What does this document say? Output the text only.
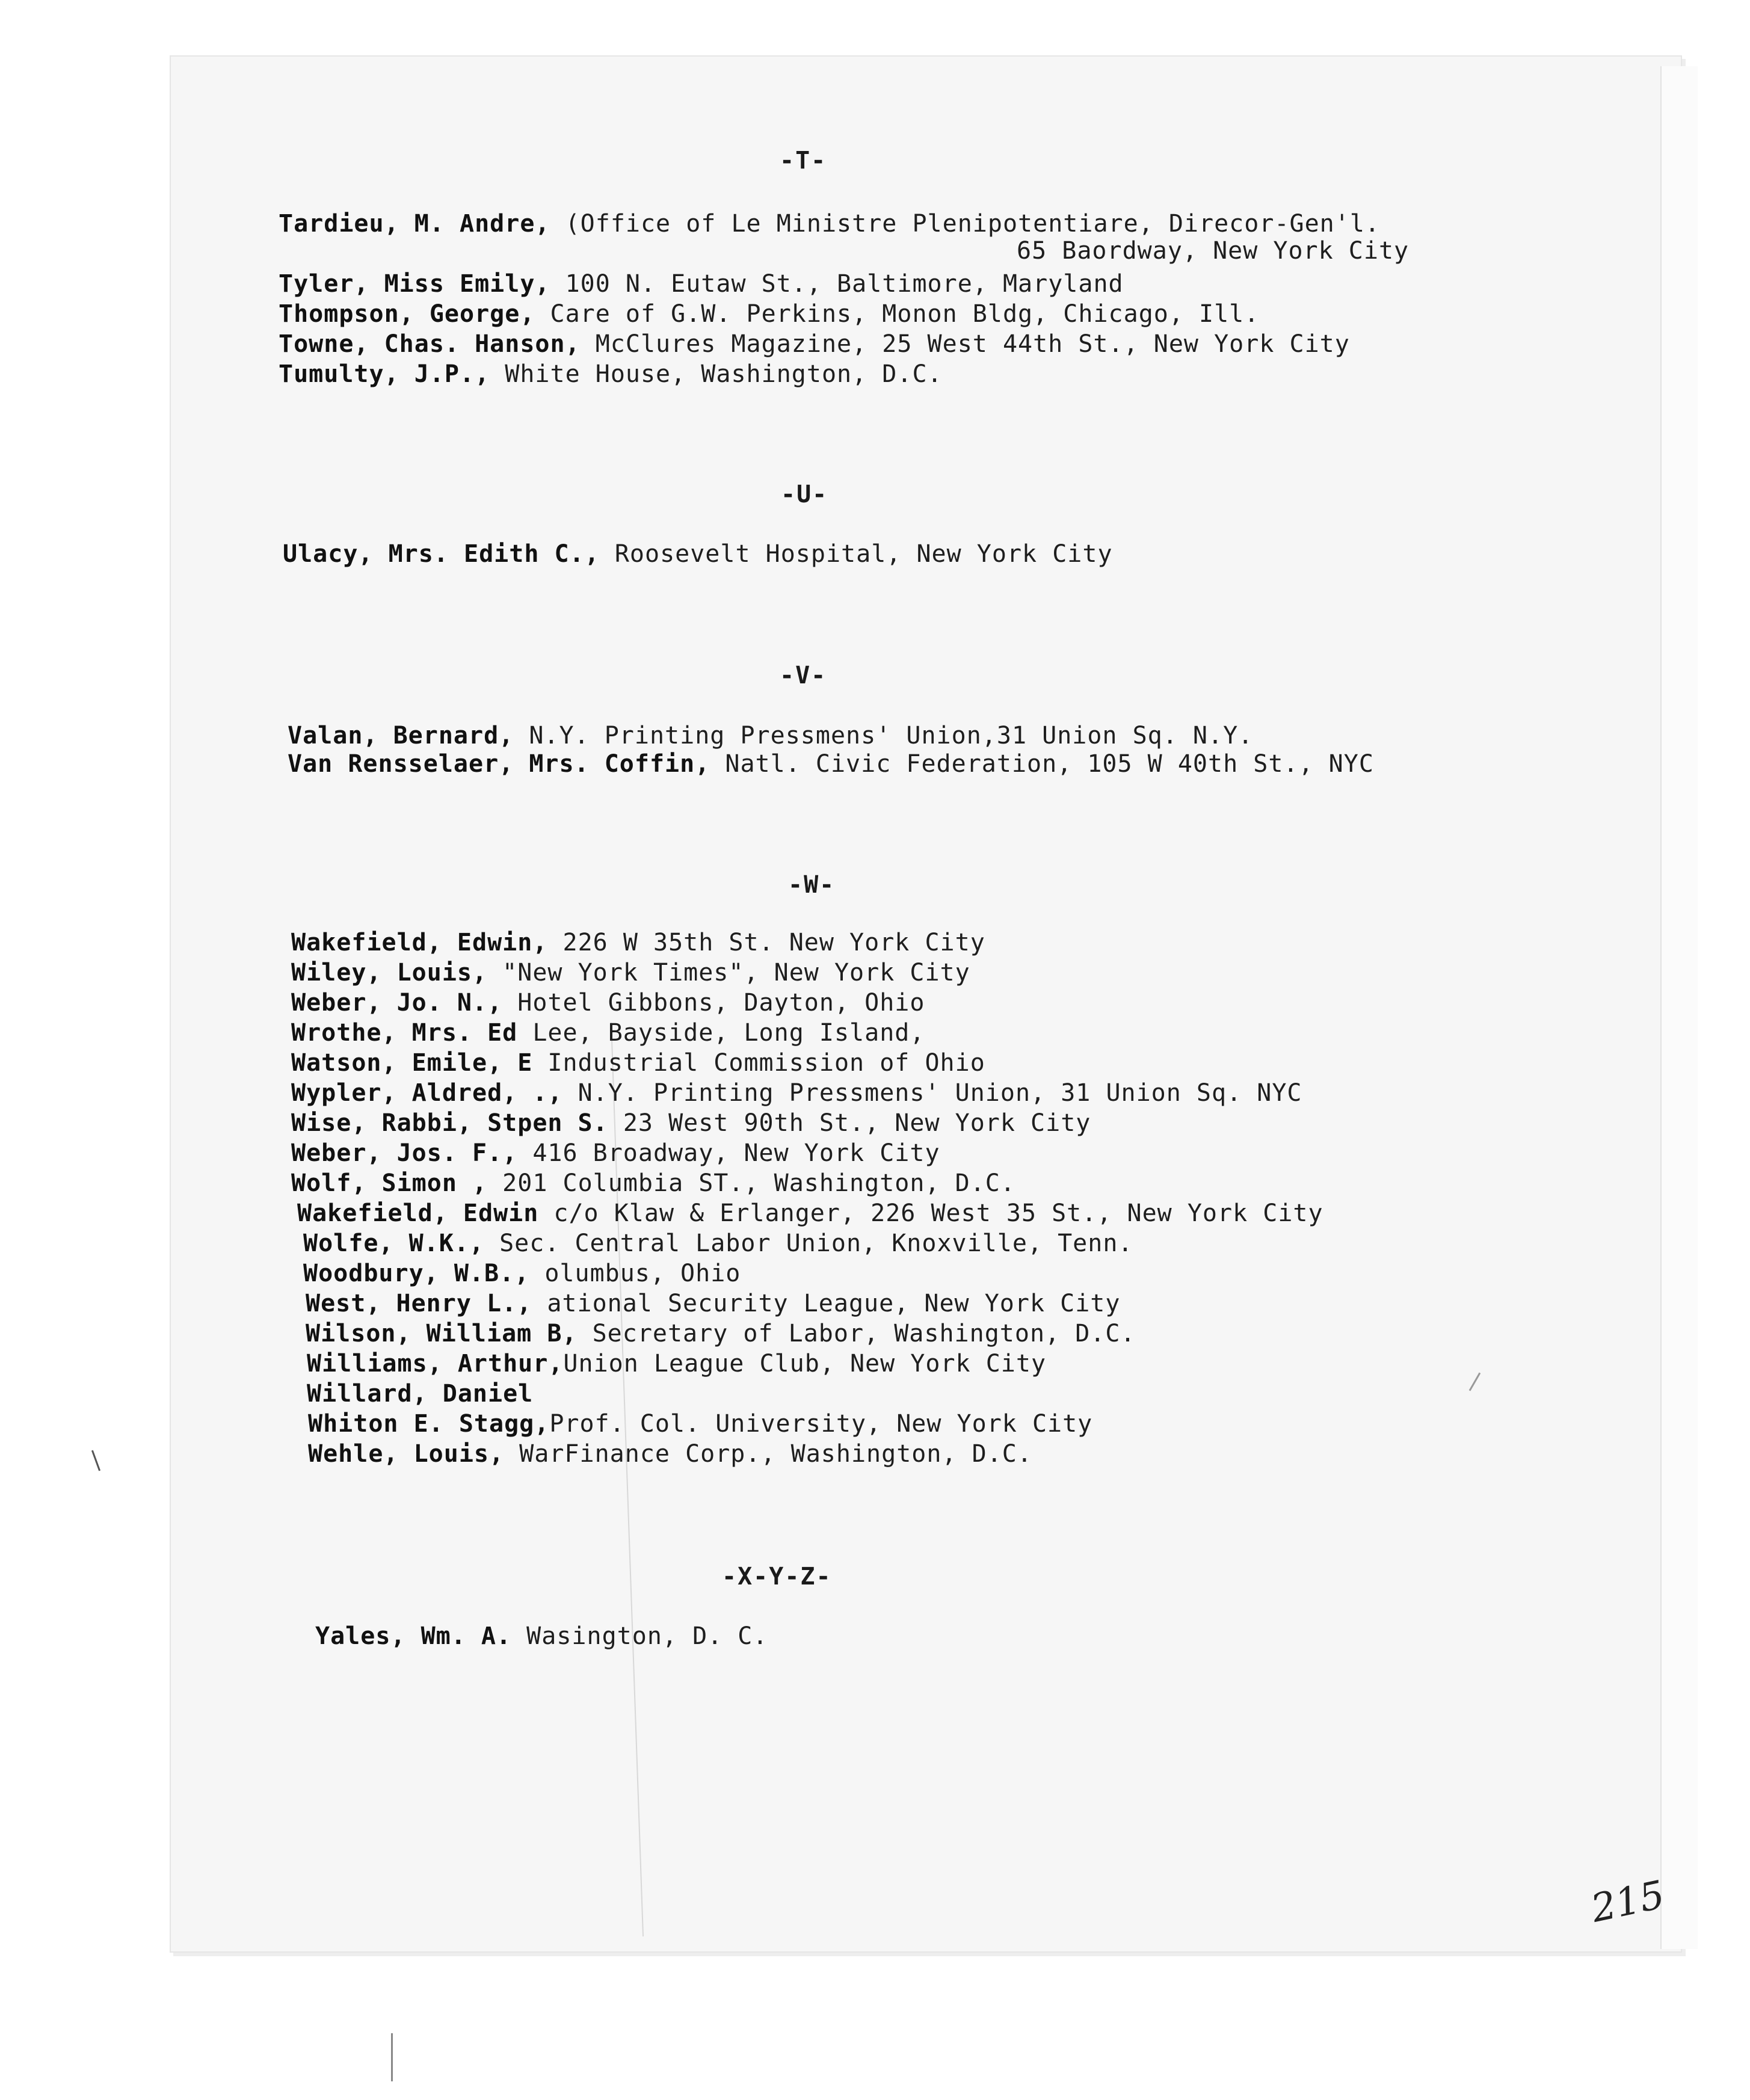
-T-
Tardieu, M. Andre, (Office of Le Ministre Plenipotentiare, Direcor-Gen'l.
65 Baordway, New York City
Tyler, Miss Emily, 100 N. Eutaw St., Baltimore, Maryland
Thompson, George, Care of G.W. Perkins, Monon Bldg, Chicago, Ill.
Towne, Chas. Hanson, McClures Magazine, 25 West 44th St., New York City
Tumulty, J.P., White House, Washington, D.C.
-U-
Ulacy, Mrs. Edith C., Roosevelt Hospital, New York City
-V-
Valan, Bernard, N.Y. Printing Pressmens' Union,31 Union Sq. N.Y.
Van Rensselaer, Mrs. Coffin, Natl. Civic Federation, 105 W 40th St., NYC
-W-
Wakefield, Edwin, 226 W 35th St. New York City
Wiley, Louis, "New York Times", New York City
Weber, Jo. N., Hotel Gibbons, Dayton, Ohio
Wrothe, Mrs. Ed Lee, Bayside, Long Island,
Watson, Emile, E Industrial Commission of Ohio
Wypler, Aldred, ., N.Y. Printing Pressmens' Union, 31 Union Sq. NYC
Wise, Rabbi, Stpen S. 23 West 90th St., New York City
Weber, Jos. F., 416 Broadway, New York City
Wolf, Simon , 201 Columbia ST., Washington, D.C.
Wakefield, Edwin c/o Klaw & Erlanger, 226 West 35 St., New York City
Wolfe, W.K., Sec. Central Labor Union, Knoxville, Tenn.
Woodbury, W.B., olumbus, Ohio
West, Henry L., ational Security League, New York City
Wilson, William B, Secretary of Labor, Washington, D.C.
Williams, Arthur,Union League Club, New York City
Willard, Daniel
Whiton E. Stagg,Prof. Col. University, New York City
Wehle, Louis, WarFinance Corp., Washington, D.C.
-X-Y-Z-
Yales, Wm. A. Wasington, D. C.
215
